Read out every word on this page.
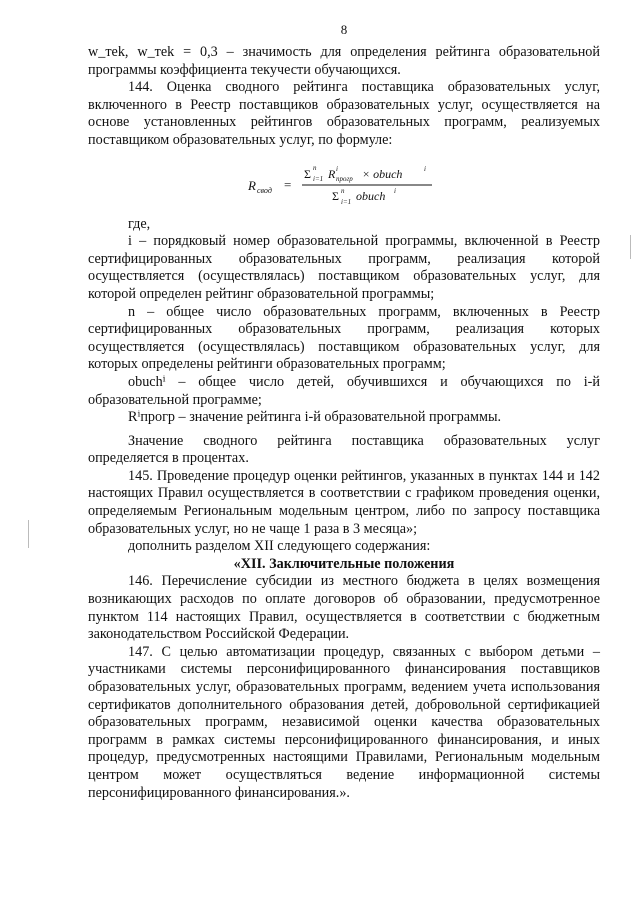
8

w_теk, w_теk = 0,3 – значимость для определения рейтинга образовательной программы коэффициента текучести обучающихся.

144. Оценка сводного рейтинга поставщика образовательных услуг, включенного в Реестр поставщиков образовательных услуг, осуществляется на основе установленных рейтингов образовательных программ, реализуемых поставщиком образовательных услуг, по формуле:

R свод =
Σ n
i=1 R i
прогр × obuch	i
Σ n
i=1 obuch i

где,

i – порядковый номер образовательной программы, включенной в Реестр сертифицированных образовательных программ, реализация которой осуществляется (осуществлялась) поставщиком образовательных услуг, для которой определен рейтинг образовательной программы;

n – общее число образовательных программ, включенных в Реестр сертифицированных образовательных программ, реализация которых осуществляется (осуществлялась) поставщиком образовательных услуг, для которых определены рейтинги образовательных программ;

obuchⁱ – общее число детей, обучившихся и обучающихся по i-й образовательной программе;

Rⁱпрогр – значение рейтинга i-й образовательной программы.

Значение сводного рейтинга поставщика образовательных услуг определяется в процентах.

145. Проведение процедур оценки рейтингов, указанных в пунктах 144 и 142 настоящих Правил осуществляется в соответствии с графиком проведения оценки, определяемым Региональным модельным центром, либо по запросу поставщика образовательных услуг, но не чаще 1 раза в 3 месяца»;

дополнить разделом XII следующего содержания:

«XII. Заключительные положения

146. Перечисление субсидии из местного бюджета в целях возмещения возникающих расходов по оплате договоров об образовании, предусмотренное пунктом 114 настоящих Правил, осуществляется в соответствии с бюджетным законодательством Российской Федерации.

147. С целью автоматизации процедур, связанных с выбором детьми – участниками системы персонифицированного финансирования поставщиков образовательных услуг, образовательных программ, ведением учета использования сертификатов дополнительного образования детей, добровольной сертификацией образовательных программ, независимой оценки качества образовательных программ в рамках системы персонифицированного финансирования, и иных процедур, предусмотренных настоящими Правилами, Региональным модельным центром может осуществляться ведение информационной системы персонифицированного финансирования.».
